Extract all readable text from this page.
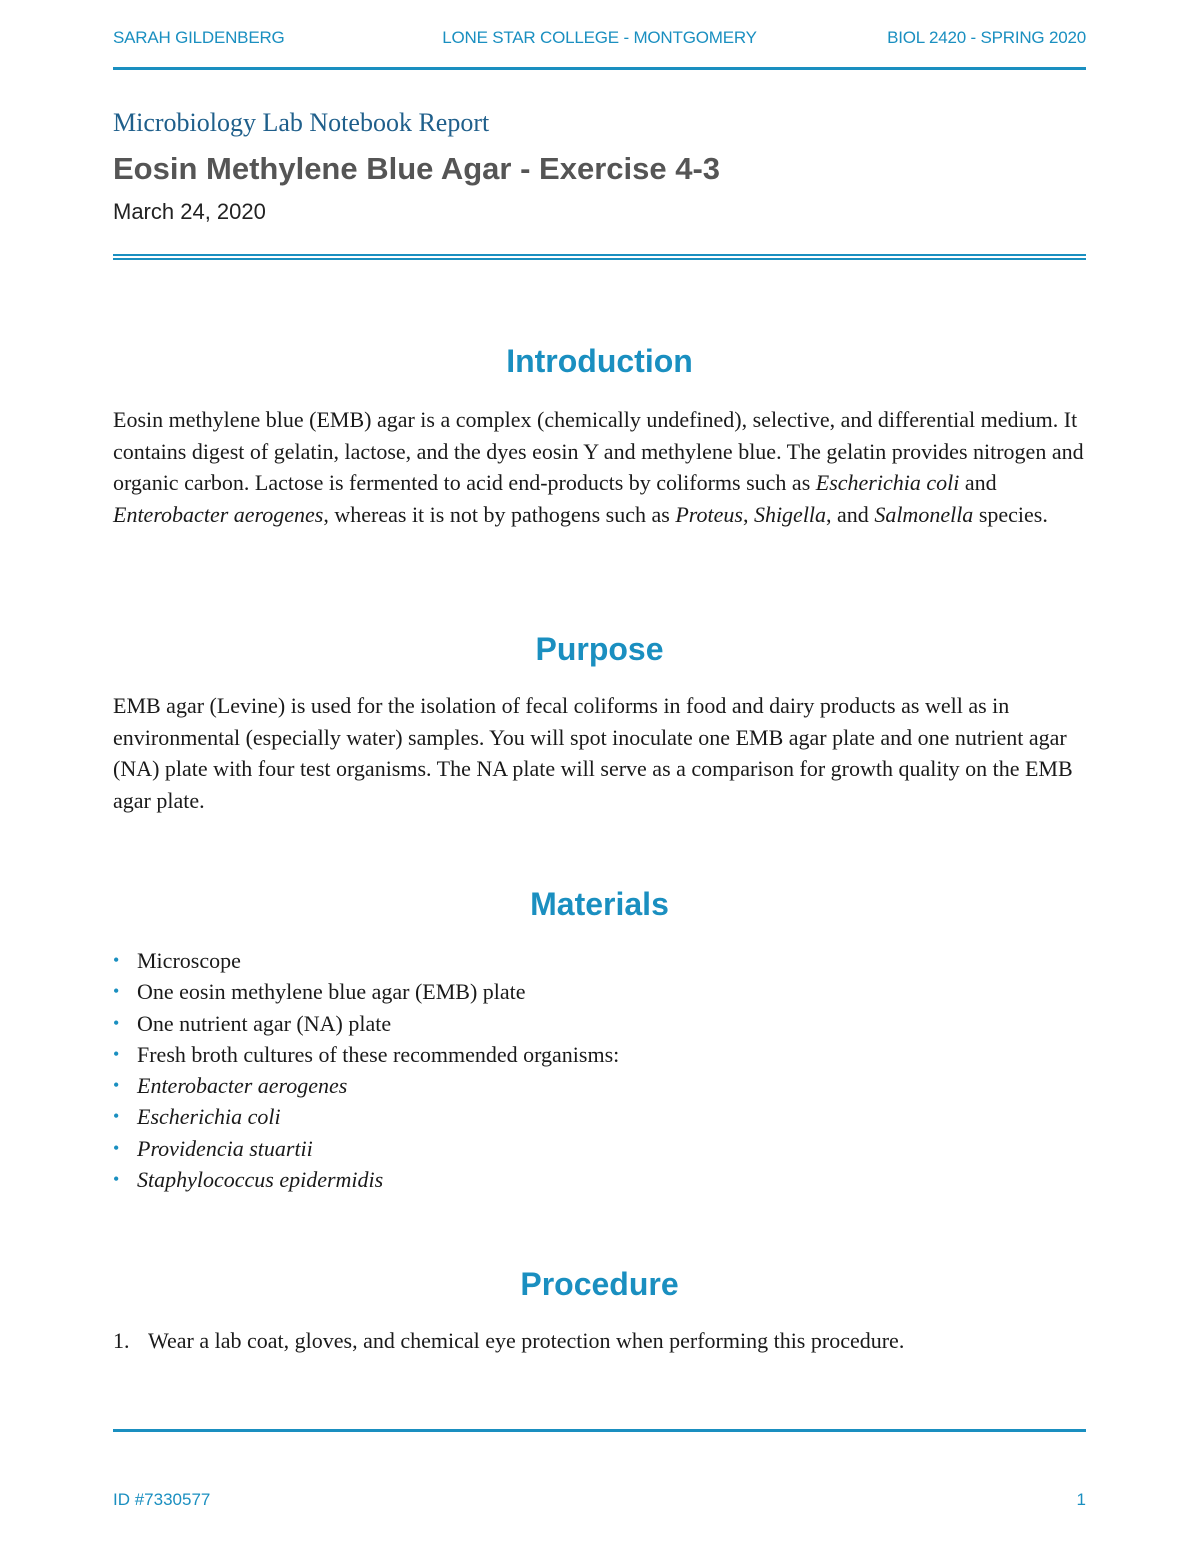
SARAH GILDENBERG	LONE STAR COLLEGE - MONTGOMERY	BIOL 2420 - SPRING 2020
Microbiology Lab Notebook Report
Eosin Methylene Blue Agar - Exercise 4-3
March 24, 2020
Introduction

Eosin methylene blue (EMB) agar is a complex (chemically undefined), selective, and differential medium. It contains digest of gelatin, lactose, and the dyes eosin Y and methylene blue. The gelatin provides nitrogen and organic carbon. Lactose is fermented to acid end-products by coliforms such as Escherichia coli and Enterobacter aerogenes, whereas it is not by pathogens such as Proteus, Shigella, and Salmonella species.

Purpose

EMB agar (Levine) is used for the isolation of fecal coliforms in food and dairy products as well as in environmental (especially water) samples. You will spot inoculate one EMB agar plate and one nutrient agar (NA) plate with four test organisms. The NA plate will serve as a comparison for growth quality on the EMB agar plate.

Materials
• Microscope
• One eosin methylene blue agar (EMB) plate
• One nutrient agar (NA) plate
• Fresh broth cultures of these recommended organisms:
• Enterobacter aerogenes
• Escherichia coli
• Providencia stuartii
• Staphylococcus epidermidis
Procedure
1. Wear a lab coat, gloves, and chemical eye protection when performing this procedure.
ID #7330577	1
